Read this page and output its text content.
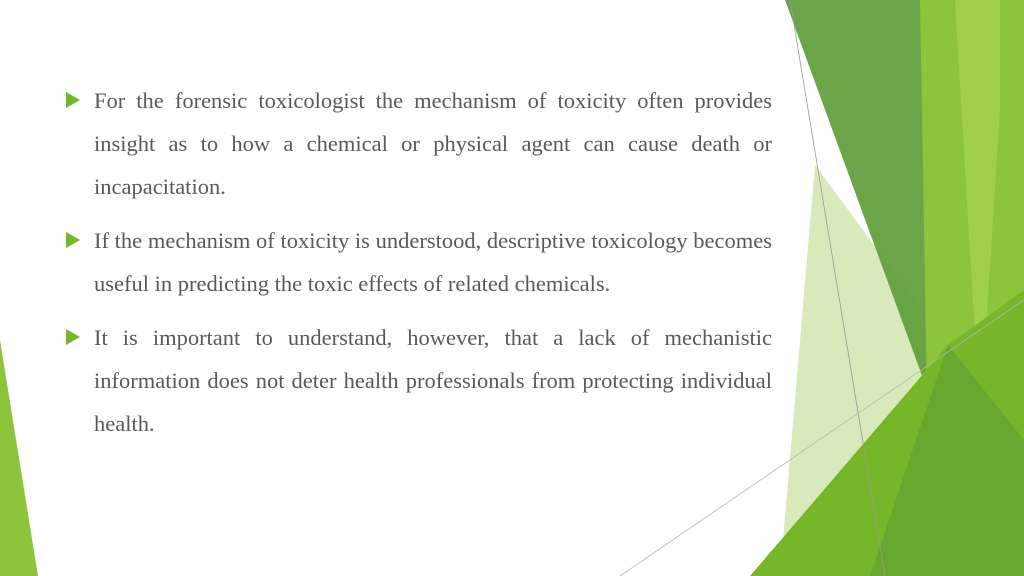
For the forensic toxicologist the mechanism of toxicity often provides insight as to how a chemical or physical agent can cause death or incapacitation.
If the mechanism of toxicity is understood, descriptive toxicology becomes useful in predicting the toxic effects of related chemicals.
It is important to understand, however, that a lack of mechanistic information does not deter health professionals from protecting individual health.
